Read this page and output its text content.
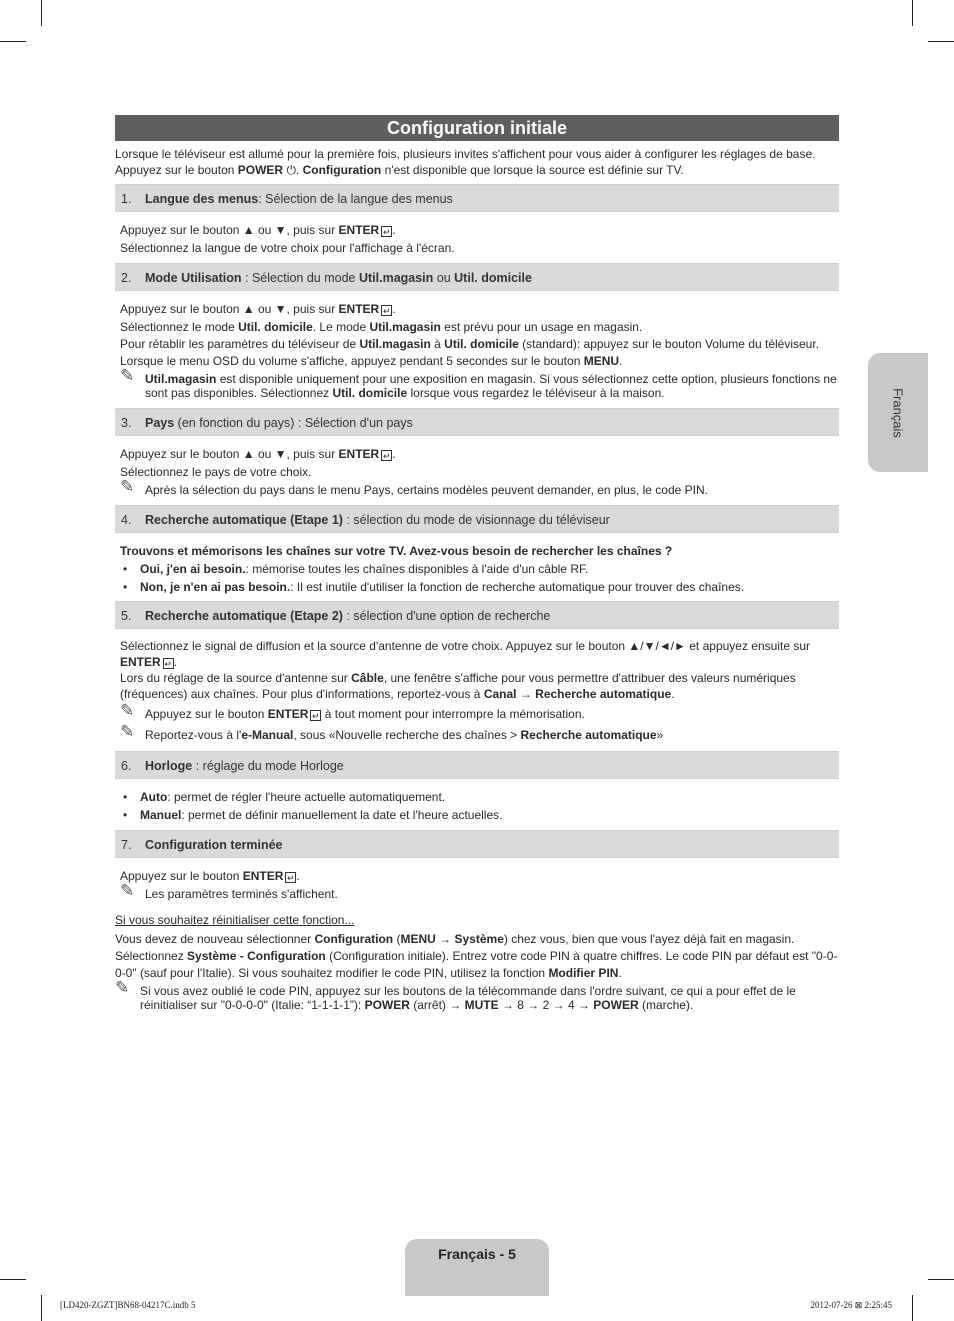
Configuration initiale
Français

Lorsque le téléviseur est allumé pour la première fois, plusieurs invites s'affichent pour vous aider à configurer les réglages de base.
Appuyez sur le bouton POWER ⏻. Configuration n'est disponible que lorsque la source est définie sur TV.

1. Langue des menus: Sélection de la langue des menus

Appuyez sur le bouton ▲ ou ▼, puis sur ENTER ↵ .

Sélectionnez la langue de votre choix pour l'affichage à l'écran.

2. Mode Utilisation : Sélection du mode Util.magasin ou Util. domicile

Appuyez sur le bouton ▲ ou ▼, puis sur ENTER ↵ .

Sélectionnez le mode Util. domicile. Le mode Util.magasin est prévu pour un usage en magasin.

Pour rétablir les paramètres du téléviseur de Util.magasin à Util. domicile (standard): appuyez sur le bouton Volume du téléviseur.
Lorsque le menu OSD du volume s'affiche, appuyez pendant 5 secondes sur le bouton MENU.

✎ Util.magasin est disponible uniquement pour une exposition en magasin. Si vous sélectionnez cette option, plusieurs fonctions ne sont pas disponibles. Sélectionnez Util. domicile lorsque vous regardez le téléviseur à la maison.
3. Pays (en fonction du pays) : Sélection d'un pays

Appuyez sur le bouton ▲ ou ▼, puis sur ENTER ↵ .

Sélectionnez le pays de votre choix.

✎ Après la sélection du pays dans le menu Pays, certains modèles peuvent demander, en plus, le code PIN.
4. Recherche automatique (Etape 1) : sélection du mode de visionnage du téléviseur

Trouvons et mémorisons les chaînes sur votre TV. Avez-vous besoin de rechercher les chaînes ?

• Oui, j'en ai besoin.: mémorise toutes les chaînes disponibles à l'aide d'un câble RF.
• Non, je n'en ai pas besoin.: Il est inutile d'utiliser la fonction de recherche automatique pour trouver des chaînes.
5. Recherche automatique (Etape 2) : sélection d'une option de recherche

Sélectionnez le signal de diffusion et la source d'antenne de votre choix. Appuyez sur le bouton ▲/▼/◄/► et appuyez ensuite sur ENTER ↵ .

Lors du réglage de la source d'antenne sur Câble, une fenêtre s'affiche pour vous permettre d'attribuer des valeurs numériques (fréquences) aux chaînes. Pour plus d'informations, reportez-vous à Canal → Recherche automatique.

✎ Appuyez sur le bouton ENTER ↵ à tout moment pour interrompre la mémorisation.
✎ Reportez-vous à l'e-Manual, sous «Nouvelle recherche des chaînes > Recherche automatique»
6. Horloge : réglage du mode Horloge
• Auto: permet de régler l'heure actuelle automatiquement.
• Manuel: permet de définir manuellement la date et l'heure actuelles.
7. Configuration terminée

Appuyez sur le bouton ENTER ↵ .

✎ Les paramètres terminés s'affichent.

Si vous souhaitez réinitialiser cette fonction...

Vous devez de nouveau sélectionner Configuration (MENU → Système) chez vous, bien que vous l'ayez déjà fait en magasin.

Sélectionnez Système - Configuration (Configuration initiale). Entrez votre code PIN à quatre chiffres. Le code PIN par défaut est "0-0-0-0" (sauf pour l'Italie). Si vous souhaitez modifier le code PIN, utilisez la fonction Modifier PIN.

✎ Si vous avez oublié le code PIN, appuyez sur les boutons de la télécommande dans l'ordre suivant, ce qui a pour effet de le réinitialiser sur "0-0-0-0" (Italie: “1-1-1-1”): POWER (arrêt) → MUTE → 8 → 2 → 4 → POWER (marche).
Français - 5
[LD420-ZGZT]BN68-04217C.indb 5	2012-07-26 ⊠ 2:25:45
